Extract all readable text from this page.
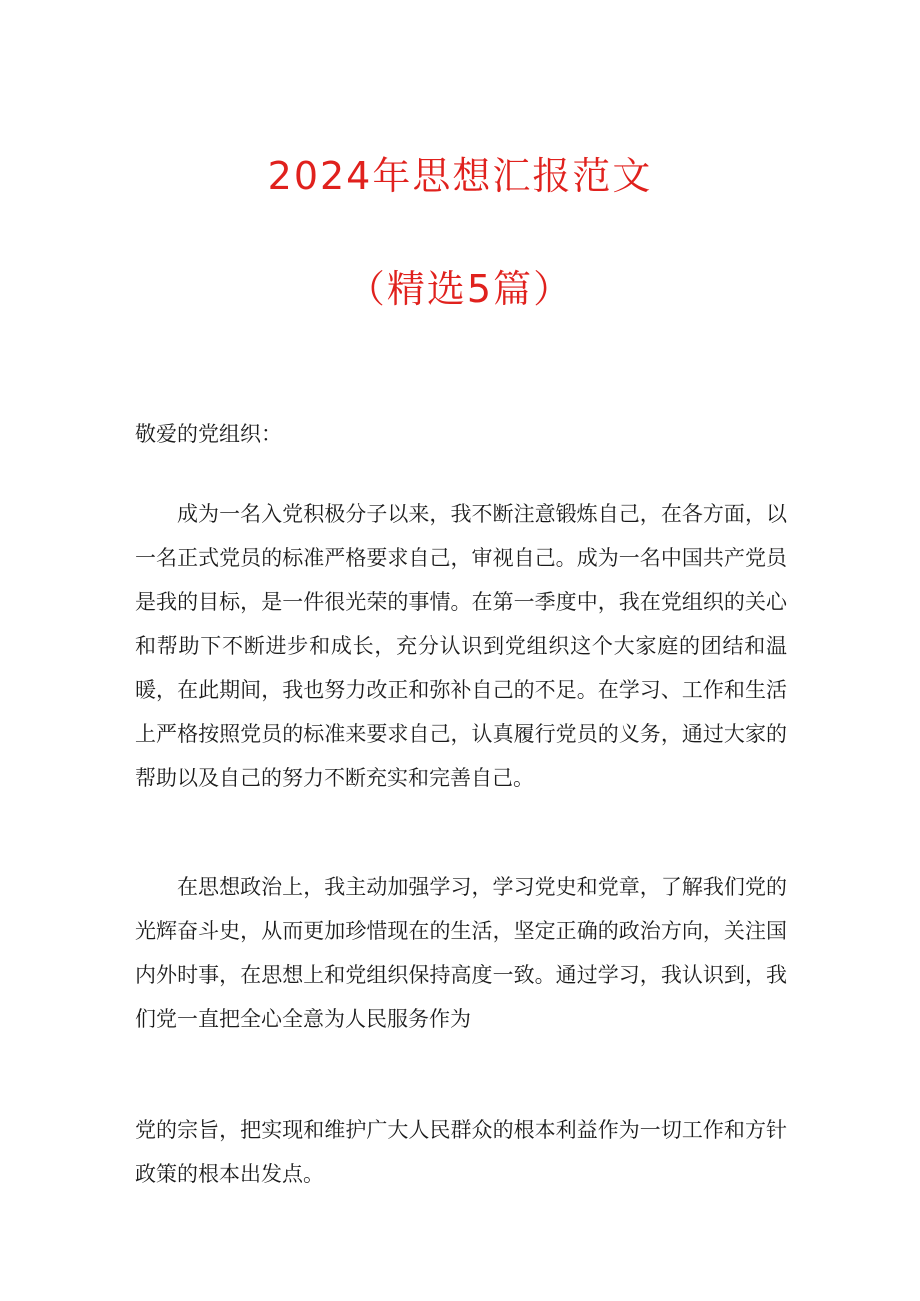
2024年思想汇报范文
（精选5篇）

敬爱的党组织：

成为一名入党积极分子以来，我不断注意锻炼自己，在各方面，以一名正式党员的标准严格要求自己，审视自己。成为一名中国共产党员是我的目标，是一件很光荣的事情。在第一季度中，我在党组织的关心和帮助下不断进步和成长，充分认识到党组织这个大家庭的团结和温暖，在此期间，我也努力改正和弥补自己的不足。在学习、工作和生活上严格按照党员的标准来要求自己，认真履行党员的义务，通过大家的帮助以及自己的努力不断充实和完善自己。

在思想政治上，我主动加强学习，学习党史和党章，了解我们党的光辉奋斗史，从而更加珍惜现在的生活，坚定正确的政治方向，关注国内外时事，在思想上和党组织保持高度一致。通过学习，我认识到，我们党一直把全心全意为人民服务作为

党的宗旨，把实现和维护广大人民群众的根本利益作为一切工作和方针政策的根本出发点。
